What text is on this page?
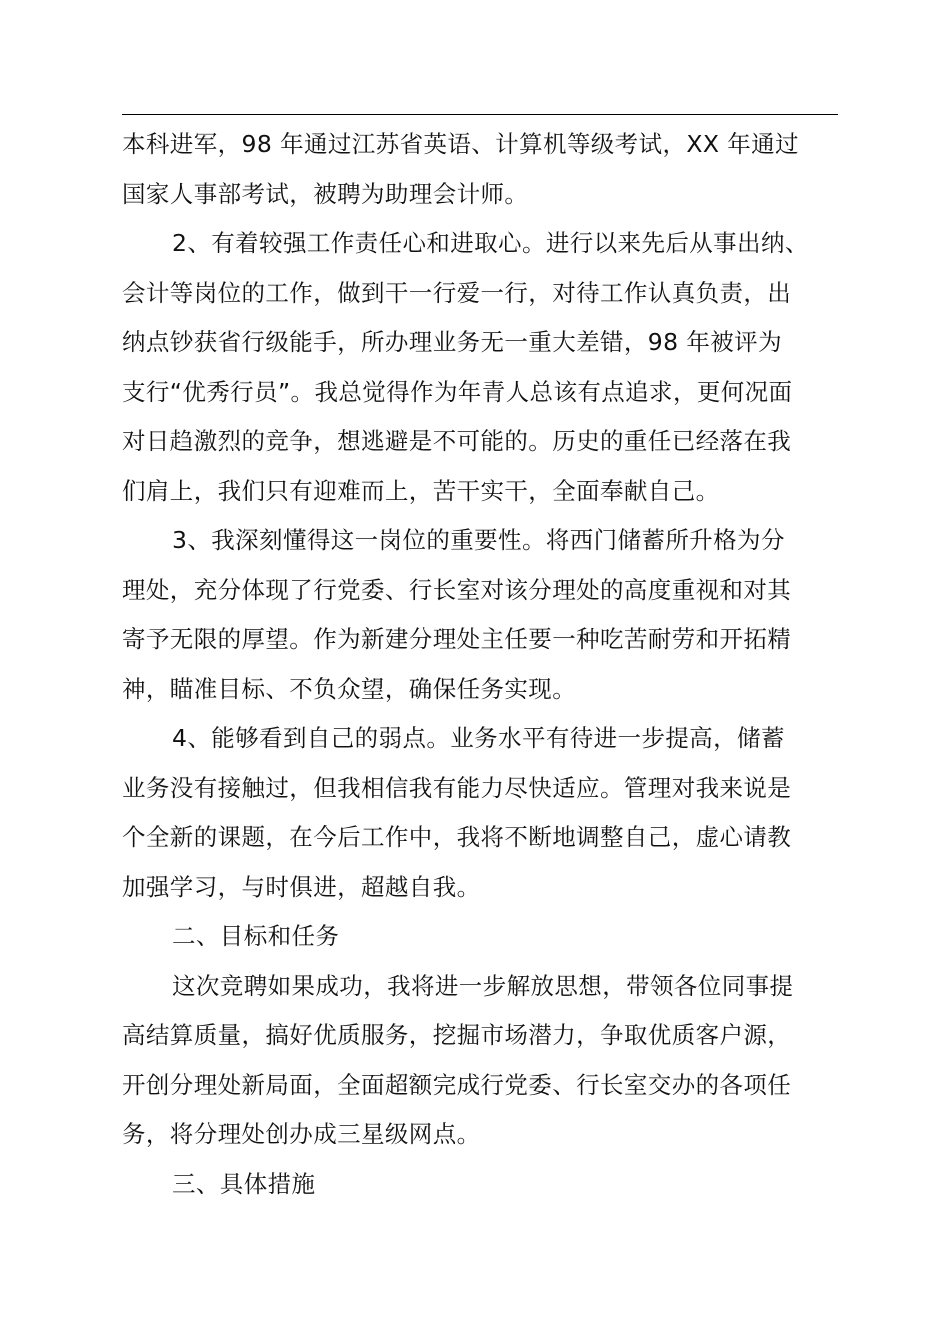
本科进军，98 年通过江苏省英语、计算机等级考试，XX 年通过
国家人事部考试，被聘为助理会计师。
2、有着较强工作责任心和进取心。进行以来先后从事出纳、
会计等岗位的工作，做到干一行爱一行，对待工作认真负责，出
纳点钞获省行级能手，所办理业务无一重大差错，98 年被评为
支行“优秀行员”。我总觉得作为年青人总该有点追求，更何况面
对日趋激烈的竞争，想逃避是不可能的。历史的重任已经落在我
们肩上，我们只有迎难而上，苦干实干，全面奉献自己。
3、我深刻懂得这一岗位的重要性。将西门储蓄所升格为分
理处，充分体现了行党委、行长室对该分理处的高度重视和对其
寄予无限的厚望。作为新建分理处主任要一种吃苦耐劳和开拓精
神，瞄准目标、不负众望，确保任务实现。
4、能够看到自己的弱点。业务水平有待进一步提高，储蓄
业务没有接触过，但我相信我有能力尽快适应。管理对我来说是
个全新的课题，在今后工作中，我将不断地调整自己，虚心请教
加强学习，与时俱进，超越自我。
二、目标和任务
这次竞聘如果成功，我将进一步解放思想，带领各位同事提
高结算质量，搞好优质服务，挖掘市场潜力，争取优质客户源，
开创分理处新局面，全面超额完成行党委、行长室交办的各项任
务，将分理处创办成三星级网点。
三、具体措施
